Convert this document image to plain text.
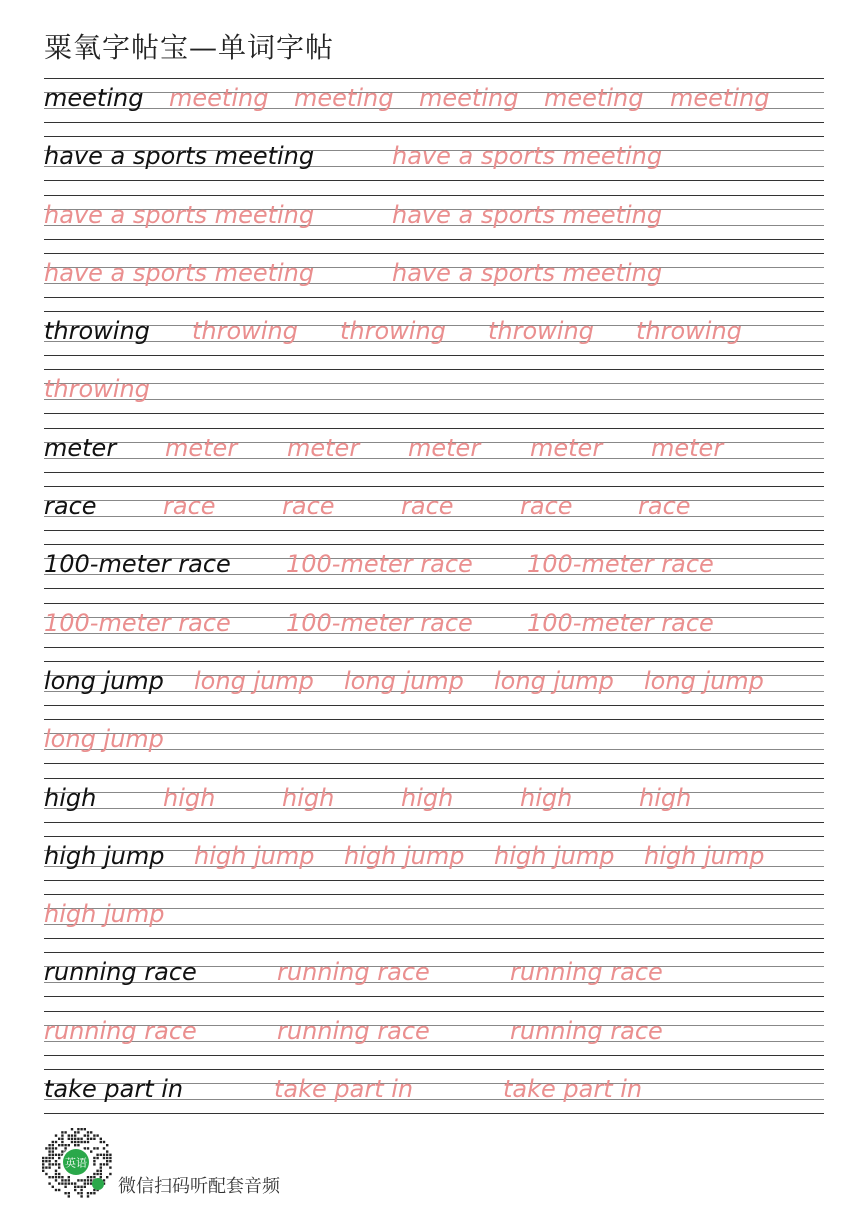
粟氧字帖宝—单词字帖
meeting meeting meeting meeting meeting meeting
have a sports meeting	have a sports meeting
have a sports meeting	have a sports meeting
have a sports meeting	have a sports meeting
throwing throwing throwing throwing throwing
throwing
meter meter meter meter meter meter
race	race	race	race	race	race
100-meter race 100-meter race 100-meter race
100-meter race 100-meter race 100-meter race
long jump long jump long jump long jump long jump
long jump
high	high	high	high	high	high
high jump high jump high jump high jump high jump
high jump
running race	running race	running race
running race	running race	running race
take part in	take part in	take part in
英语
微信扫码听配套音频
